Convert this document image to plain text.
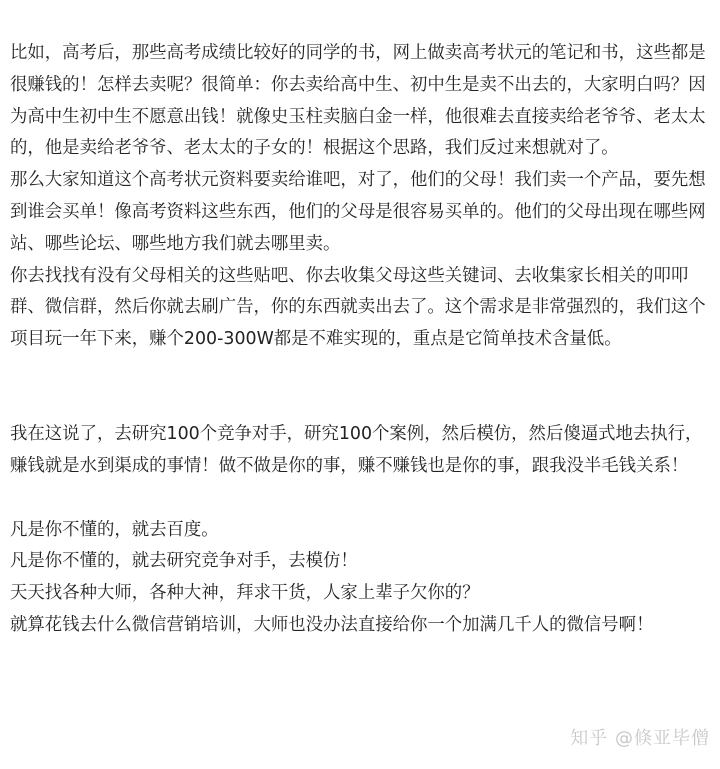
比如，高考后，那些高考成绩比较好的同学的书，网上做卖高考状元的笔记和书，这些都是很赚钱的！怎样去卖呢？很简单：你去卖给高中生、初中生是卖不出去的，大家明白吗？因为高中生初中生不愿意出钱！就像史玉柱卖脑白金一样，他很难去直接卖给老爷爷、老太太的，他是卖给老爷爷、老太太的子女的！根据这个思路，我们反过来想就对了。

那么大家知道这个高考状元资料要卖给谁吧，对了，他们的父母！我们卖一个产品，要先想到谁会买单！像高考资料这些东西，他们的父母是很容易买单的。他们的父母出现在哪些网站、哪些论坛、哪些地方我们就去哪里卖。

你去找找有没有父母相关的这些贴吧、你去收集父母这些关键词、去收集家长相关的叩叩群、微信群，然后你就去刷广告，你的东西就卖出去了。这个需求是非常强烈的，我们这个项目玩一年下来，赚个200-300W都是不难实现的，重点是它简单技术含量低。

我在这说了，去研究100个竞争对手，研究100个案例，然后模仿，然后傻逼式地去执行，赚钱就是水到渠成的事情！做不做是你的事，赚不赚钱也是你的事，跟我没半毛钱关系！

凡是你不懂的，就去百度。

凡是你不懂的，就去研究竞争对手，去模仿！

天天找各种大师，各种大神，拜求干货，人家上辈子欠你的？

就算花钱去什么微信营销培训，大师也没办法直接给你一个加满几千人的微信号啊！

知乎 @倏亚毕僧
